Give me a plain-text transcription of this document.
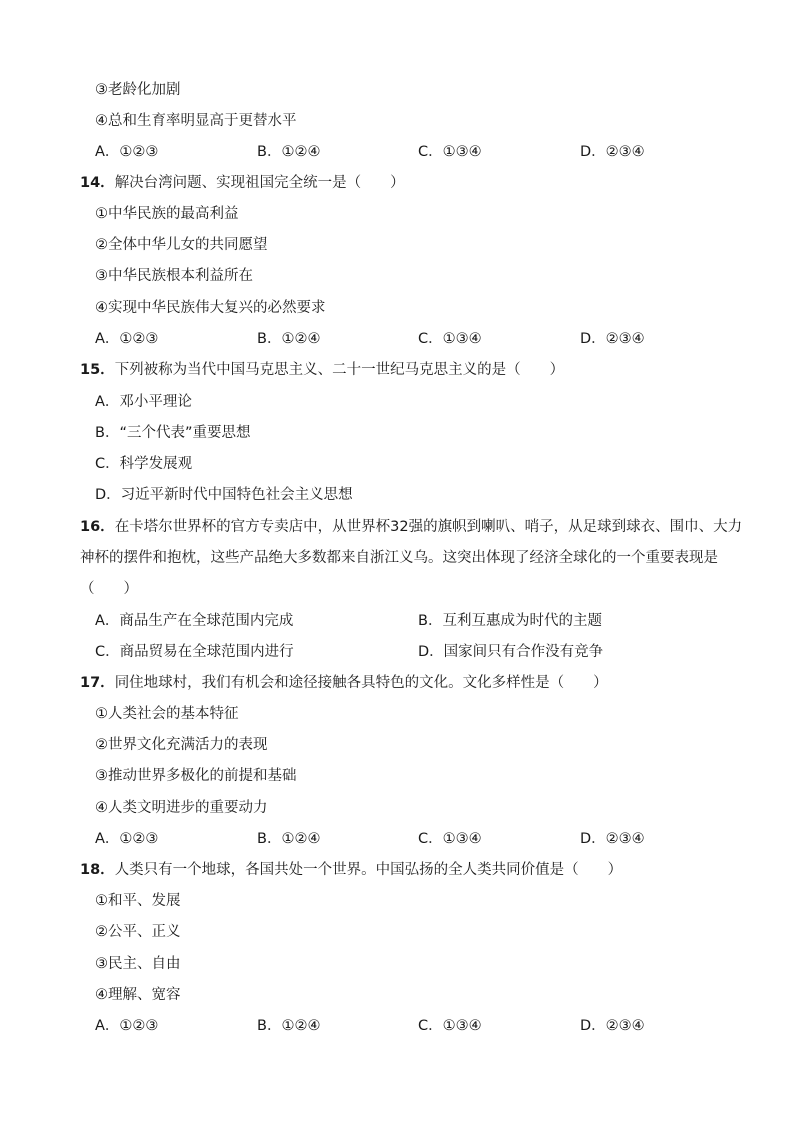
③老龄化加剧
④总和生育率明显高于更替水平
A．①②③	B．①②④	C．①③④	D．②③④
14．解决台湾问题、实现祖国完全统一是（　　）
①中华民族的最高利益
②全体中华儿女的共同愿望
③中华民族根本利益所在
④实现中华民族伟大复兴的必然要求
A．①②③	B．①②④	C．①③④	D．②③④
15．下列被称为当代中国马克思主义、二十一世纪马克思主义的是（　　）
A．邓小平理论
B．“三个代表”重要思想
C．科学发展观
D．习近平新时代中国特色社会主义思想
16．在卡塔尔世界杯的官方专卖店中，从世界杯32强的旗帜到喇叭、哨子，从足球到球衣、围巾、大力
神杯的摆件和抱枕，这些产品绝大多数都来自浙江义乌。这突出体现了经济全球化的一个重要表现是
（　　）
A．商品生产在全球范围内完成	B．互利互惠成为时代的主题
C．商品贸易在全球范围内进行	D．国家间只有合作没有竞争
17．同住地球村，我们有机会和途径接触各具特色的文化。文化多样性是（　　）
①人类社会的基本特征
②世界文化充满活力的表现
③推动世界多极化的前提和基础
④人类文明进步的重要动力
A．①②③	B．①②④	C．①③④	D．②③④
18．人类只有一个地球，各国共处一个世界。中国弘扬的全人类共同价值是（　　）
①和平、发展
②公平、正义
③民主、自由
④理解、宽容
A．①②③	B．①②④	C．①③④	D．②③④
